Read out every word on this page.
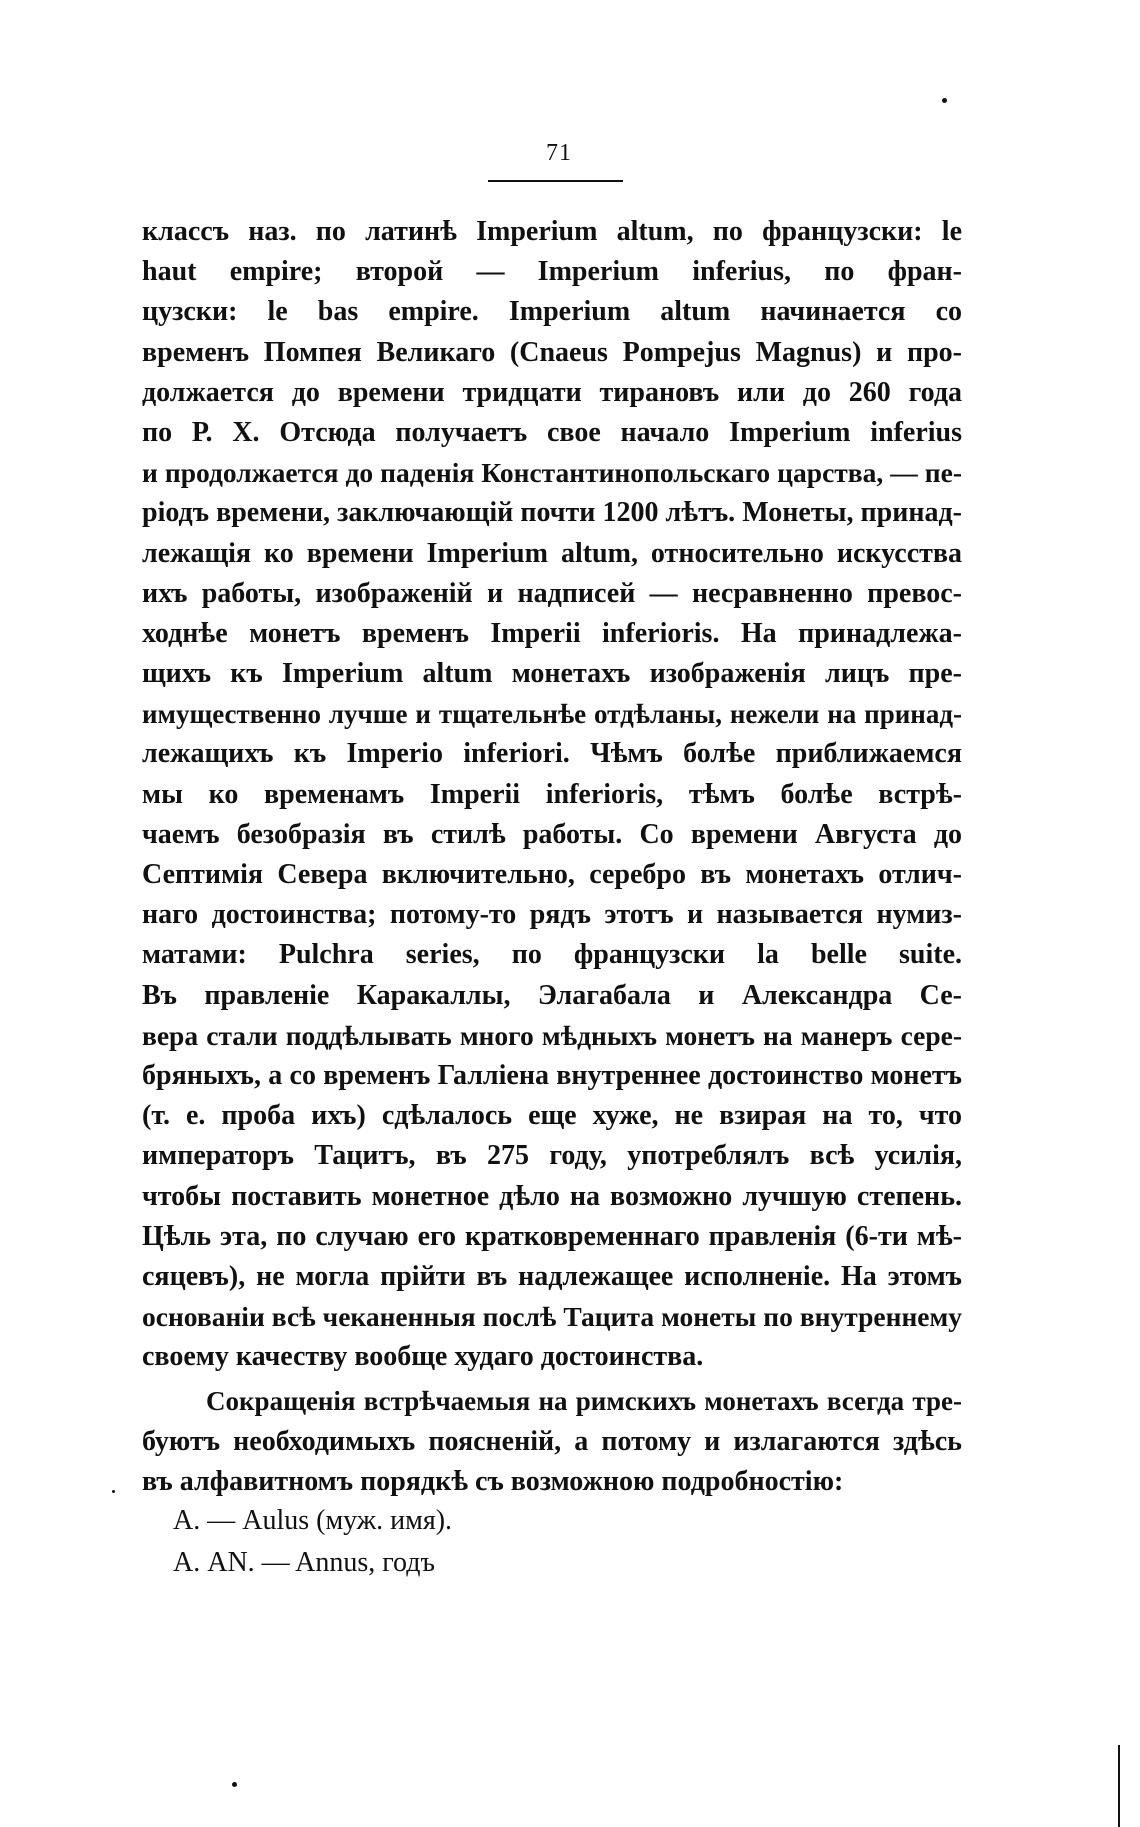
71
классъ наз. по латинѣ Imperium altum, по французски: le
haut empire; второй — Imperium inferius, по фран-
цузски: le bas empire. Imperium altum начинается со
временъ Помпея Великаго (Cnaeus Pompejus Magnus) и про-
должается до времени тридцати тирановъ или до 260 года
по Р. Х. Отсюда получаетъ свое начало Imperium inferius
и продолжается до паденія Константинопольскаго царства, — пе-
ріодъ времени, заключающій почти 1200 лѣтъ. Монеты, принад-
лежащія ко времени Imperium altum, относительно искусства
ихъ работы, изображеній и надписей — несравненно превос-
ходнѣе монетъ временъ Imperii inferioris. На принадлежа-
щихъ къ Imperium altum монетахъ изображенія лицъ пре-
имущественно лучше и тщательнѣе отдѣланы, нежели на принад-
лежащихъ къ Imperio inferiori. Чѣмъ болѣе приближаемся
мы ко временамъ Imperii inferioris, тѣмъ болѣе встрѣ-
чаемъ безобразія въ стилѣ работы. Со времени Августа до
Септимія Севера включительно, серебро въ монетахъ отлич-
наго достоинства; потому-то рядъ этотъ и называется нумиз-
матами: Pulchra series, по французски la belle suite.
Въ правленіе Каракаллы, Элагабала и Александра Се-
вера стали поддѣлывать много мѣдныхъ монетъ на манеръ сере-
бряныхъ, а со временъ Галліена внутреннее достоинство монетъ
(т. е. проба ихъ) сдѣлалось еще хуже, не взирая на то, что
императоръ Тацитъ, въ 275 году, употреблялъ всѣ усилія,
чтобы поставить монетное дѣло на возможно лучшую степень.
Цѣль эта, по случаю его кратковременнаго правленія (6-ти мѣ-
сяцевъ), не могла прійти въ надлежащее исполненіе. На этомъ
основаніи всѣ чеканенныя послѣ Тацита монеты по внутреннему
своему качеству вообще худаго достоинства.
Сокращенія встрѣчаемыя на римскихъ монетахъ всегда тре-
буютъ необходимыхъ поясненій, а потому и излагаются здѣсь
въ алфавитномъ порядкѣ съ возможною подробностію:
А. — Aulus (муж. имя).
А. AN. — Annus, годъ
